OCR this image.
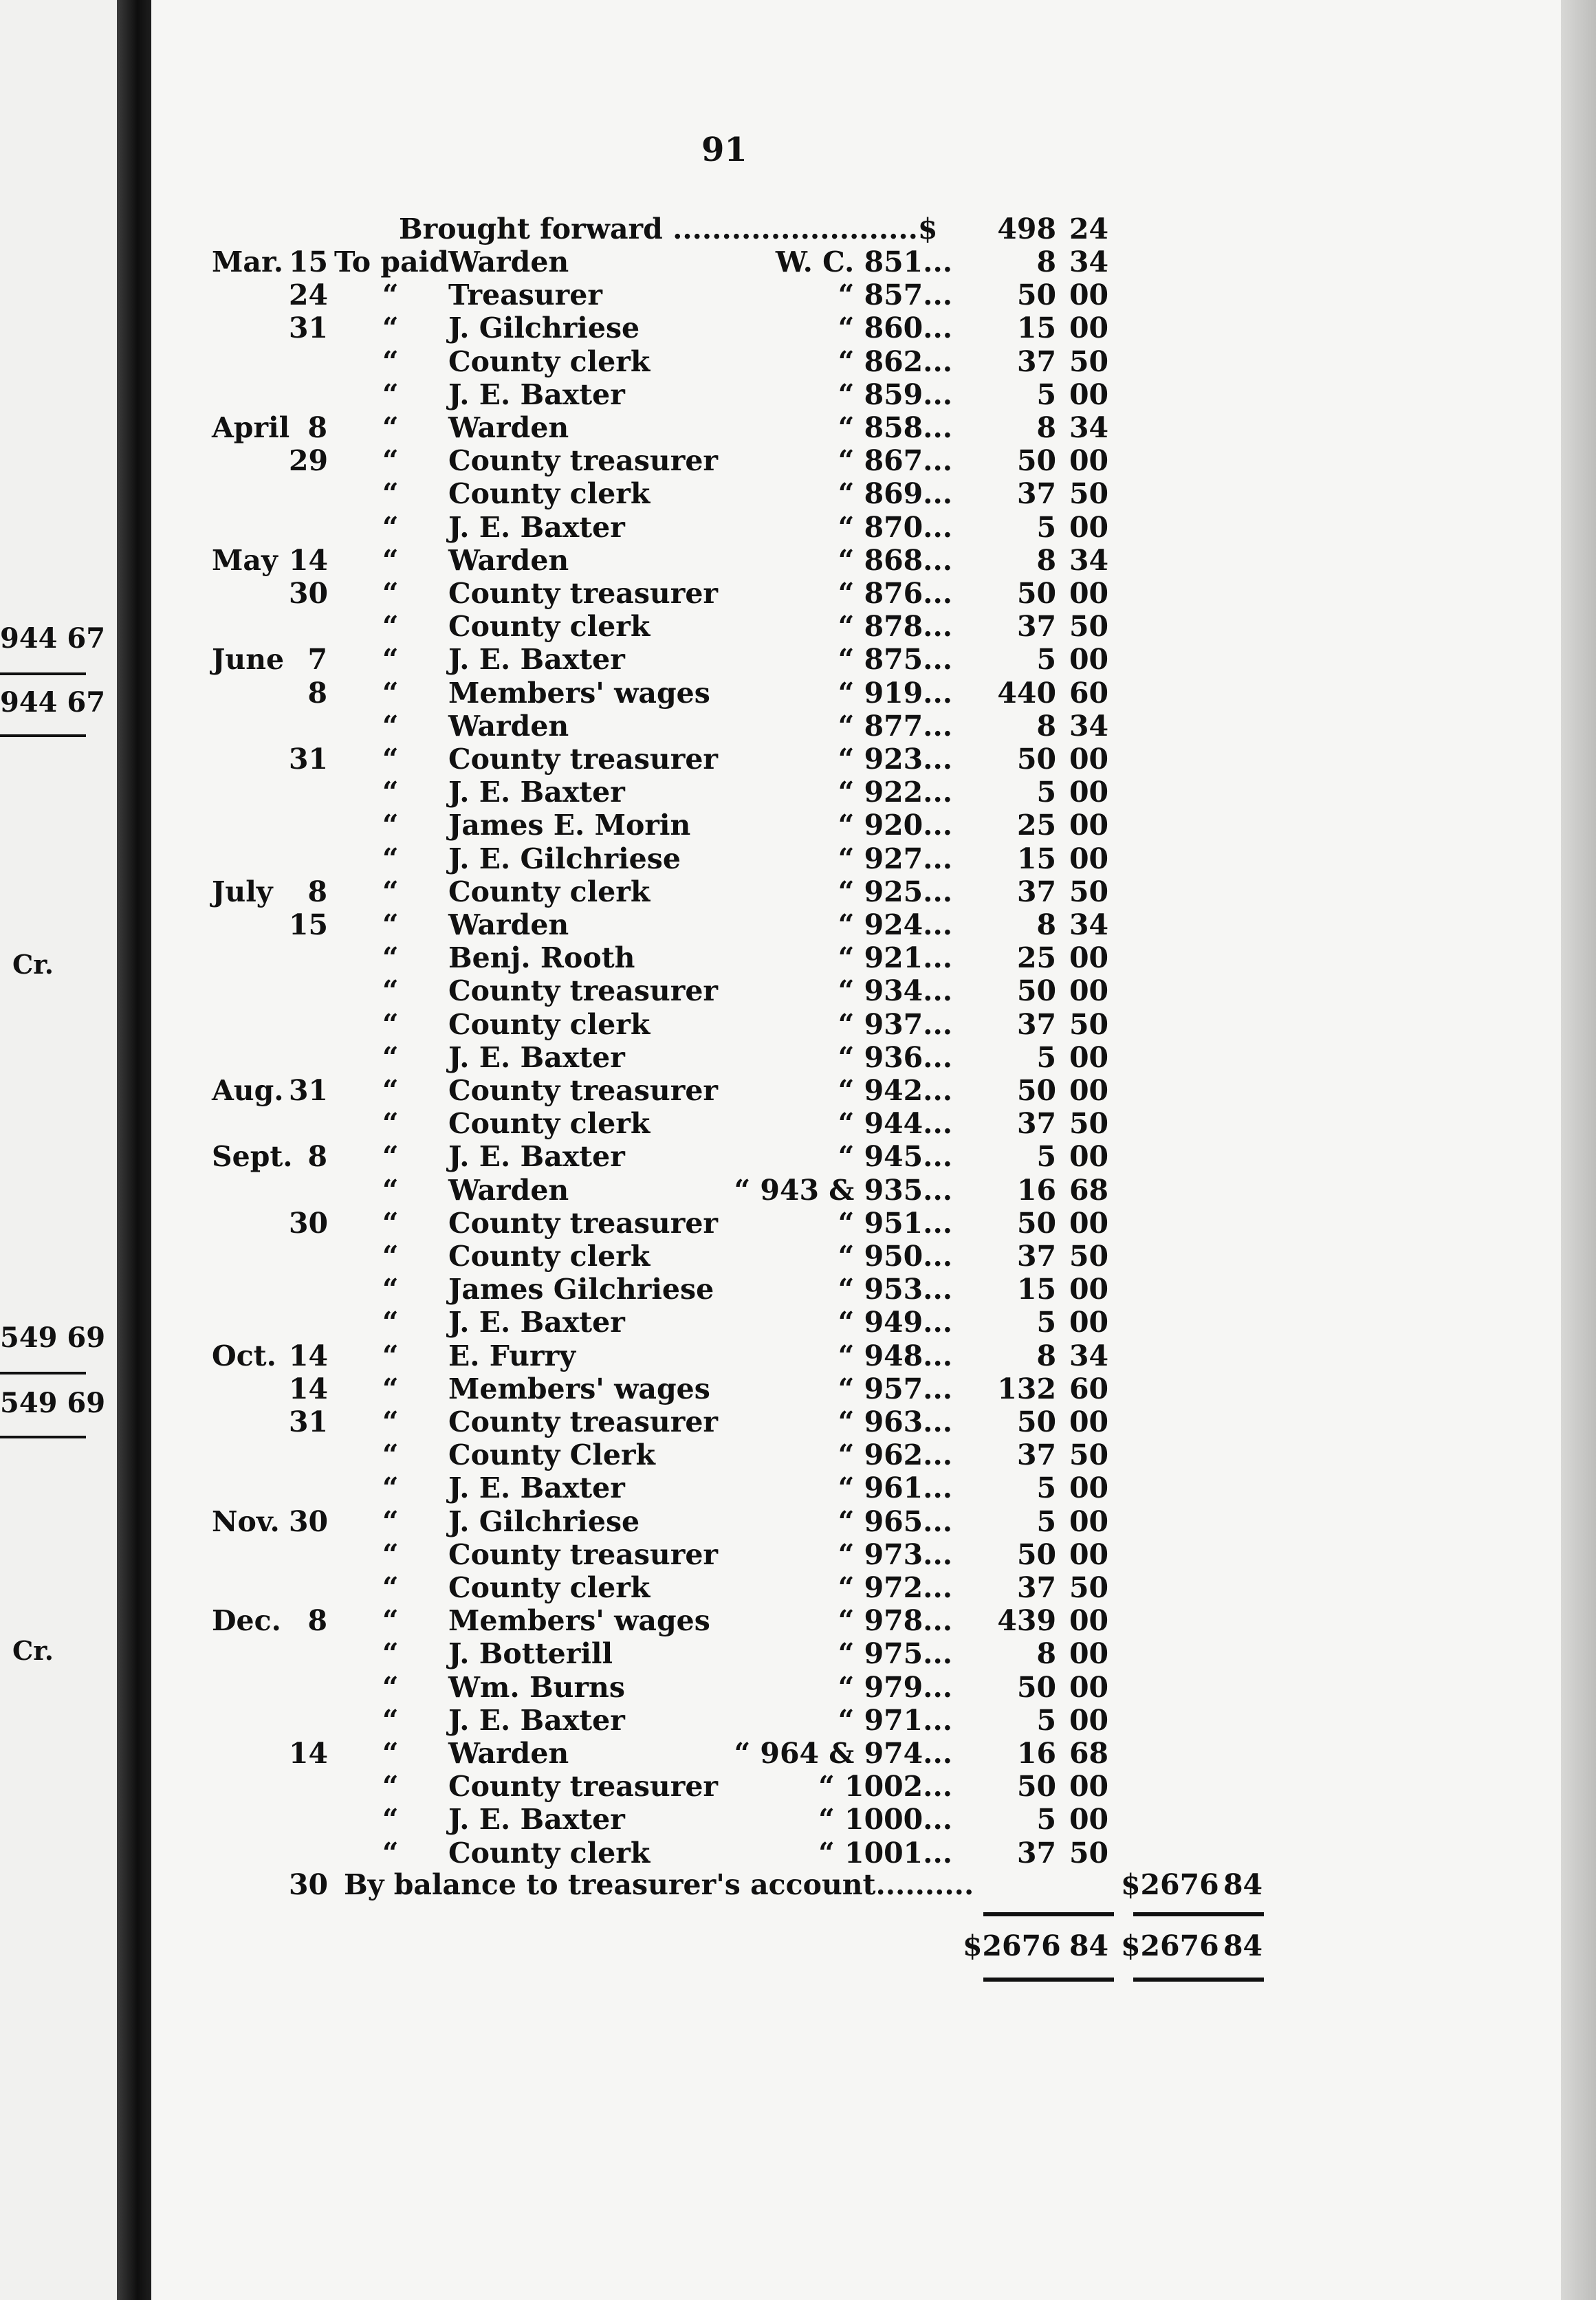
944 67
944 67
Cr.
549 69
549 69
Cr.
91
Brought forward .........................$	498 24
Mar. 15 To paid Warden	W. C. 851...	8 34
24 “ Treasurer	“ 857...	50 00
31 “ J. Gilchriese	“ 860...	15 00
“ County clerk	“ 862...	37 50
“ J. E. Baxter	“ 859...	5 00
April 8 “ Warden	“ 858...	8 34
29 “ County treasurer	“ 867...	50 00
“ County clerk	“ 869...	37 50
“ J. E. Baxter	“ 870...	5 00
May 14 “ Warden	“ 868...	8 34
30 “ County treasurer	“ 876...	50 00
“ County clerk	“ 878...	37 50
June 7 “ J. E. Baxter	“ 875...	5 00
8 “ Members' wages	“ 919...	440 60
“ Warden	“ 877...	8 34
31 “ County treasurer	“ 923...	50 00
“ J. E. Baxter	“ 922...	5 00
“ James E. Morin	“ 920...	25 00
“ J. E. Gilchriese	“ 927...	15 00
July	8 “ County clerk	“ 925...	37 50
15 “ Warden	“ 924...	8 34
“ Benj. Rooth	“ 921...	25 00
“ County treasurer	“ 934...	50 00
“ County clerk	“ 937...	37 50
“ J. E. Baxter	“ 936...	5 00
Aug. 31 “ County treasurer	“ 942...	50 00
“ County clerk	“ 944...	37 50
Sept. 8 “ J. E. Baxter	“ 945...	5 00
“ Warden	“ 943 & 935...	16 68
30 “ County treasurer	“ 951...	50 00
“ County clerk	“ 950...	37 50
“ James Gilchriese	“ 953...	15 00
“ J. E. Baxter	“ 949...	5 00
Oct. 14 “ E. Furry	“ 948...	8 34
14 “ Members' wages	“ 957...	132 60
31 “ County treasurer	“ 963...	50 00
“ County Clerk	“ 962...	37 50
“ J. E. Baxter	“ 961...	5 00
Nov. 30 “ J. Gilchriese	“ 965...	5 00
“ County treasurer	“ 973...	50 00
“ County clerk	“ 972...	37 50
Dec. 8 “ Members' wages	“ 978...	439 00
“ J. Botterill	“ 975...	8 00
“ Wm. Burns	“ 979...	50 00
“ J. E. Baxter	“ 971...	5 00
14 “ Warden	“ 964 & 974...	16 68
“ County treasurer	“ 1002...	50 00
“ J. E. Baxter	“ 1000...	5 00
“ County clerk	“ 1001...	37 50
30 By balance to treasurer's account..........	$2676 84
$2676 84 $2676 84
